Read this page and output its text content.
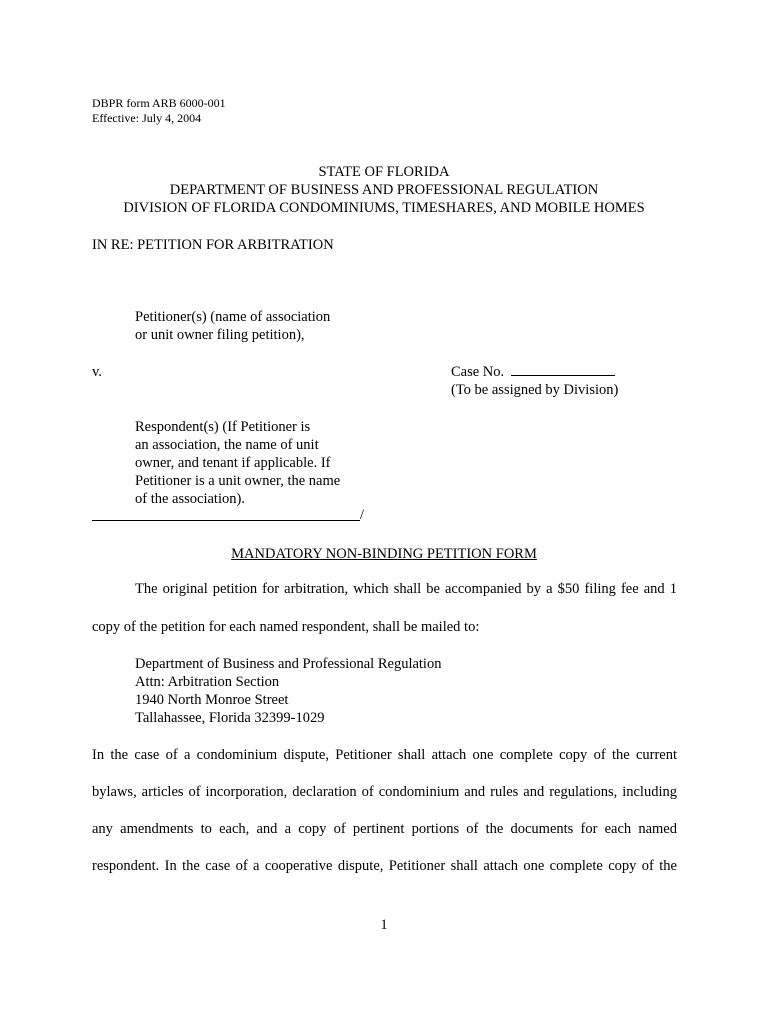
DBPR form ARB 6000-001
Effective: July 4, 2004
STATE OF FLORIDA
DEPARTMENT OF BUSINESS AND PROFESSIONAL REGULATION
DIVISION OF FLORIDA CONDOMINIUMS, TIMESHARES, AND MOBILE HOMES
IN RE: PETITION FOR ARBITRATION
Petitioner(s) (name of association
or unit owner filing petition),
v.	Case No.
(To be assigned by Division)
Respondent(s) (If Petitioner is
an association, the name of unit
owner, and tenant if applicable. If
Petitioner is a unit owner, the name
of the association).
/
MANDATORY NON-BINDING PETITION FORM
The original petition for arbitration, which shall be accompanied by a $50 filing fee and 1
copy of the petition for each named respondent, shall be mailed to:
Department of Business and Professional Regulation
Attn: Arbitration Section
1940 North Monroe Street
Tallahassee, Florida 32399-1029
In the case of a condominium dispute, Petitioner shall attach one complete copy of the current
bylaws, articles of incorporation, declaration of condominium and rules and regulations, including
any amendments to each, and a copy of pertinent portions of the documents for each named
respondent. In the case of a cooperative dispute, Petitioner shall attach one complete copy of the
1
